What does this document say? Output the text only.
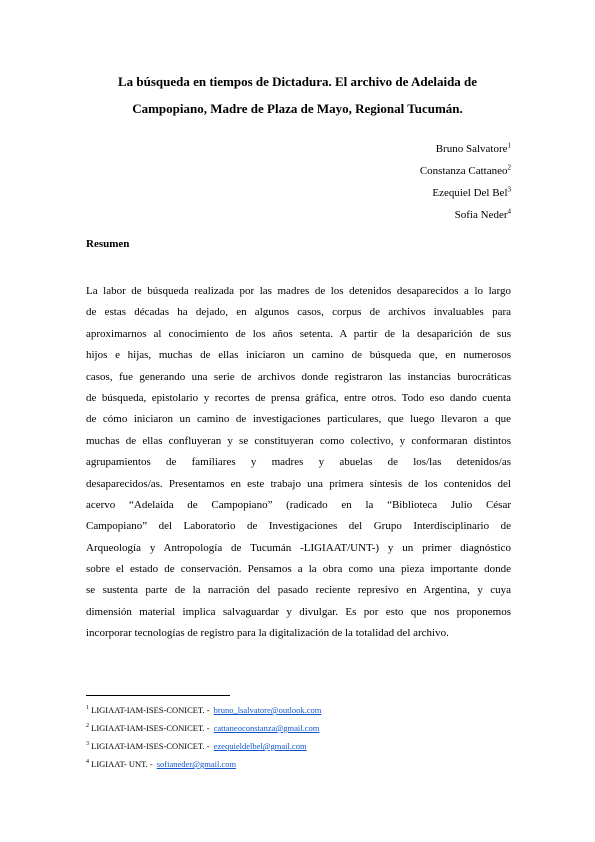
La búsqueda en tiempos de Dictadura. El archivo de Adelaida de
Campopiano, Madre de Plaza de Mayo, Regional Tucumán.
Bruno Salvatore$^1$
Constanza Cattaneo$^2$
Ezequiel Del Bel$^3$
Sofia Neder$^4$
Resumen
La labor de búsqueda realizada por las madres de los detenidos desaparecidos a lo largo
de estas décadas ha dejado, en algunos casos, corpus de archivos invaluables para
aproximarnos al conocimiento de los años setenta. A partir de la desaparición de sus
hijos e hijas, muchas de ellas iniciaron un camino de búsqueda que, en numerosos
casos, fue generando una serie de archivos donde registraron las instancias burocráticas
de búsqueda, epistolario y recortes de prensa gráfica, entre otros. Todo eso dando cuenta
de cómo iniciaron un camino de investigaciones particulares, que luego llevaron a que
muchas de ellas confluyeran y se constituyeran como colectivo, y conformaran distintos
agrupamientos de familiares y madres y abuelas de los/las detenidos/as
desaparecidos/as. Presentamos en este trabajo una primera síntesis de los contenidos del
acervo “Adelaida de Campopiano” (radicado en la “Biblioteca Julio César
Campopiano” del Laboratorio de Investigaciones del Grupo Interdisciplinario de
Arqueología y Antropología de Tucumán -LIGIAAT/UNT-) y un primer diagnóstico
sobre el estado de conservación. Pensamos a la obra como una pieza importante donde
se sustenta parte de la narración del pasado reciente represivo en Argentina, y cuya
dimensión material implica salvaguardar y divulgar. Es por esto que nos proponemos
incorporar tecnologías de registro para la digitalización de la totalidad del archivo.
$^1$ LIGIAAT-IAM-ISES-CONICET. - bruno_lsalvatore@outlook.com
$^2$ LIGIAAT-IAM-ISES-CONICET. - cattaneoconstanza@gmail.com
$^3$ LIGIAAT-IAM-ISES-CONICET. - ezequieldelbel@gmail.com
$^4$ LIGIAAT- UNT. - sofianeder@gmail.com
